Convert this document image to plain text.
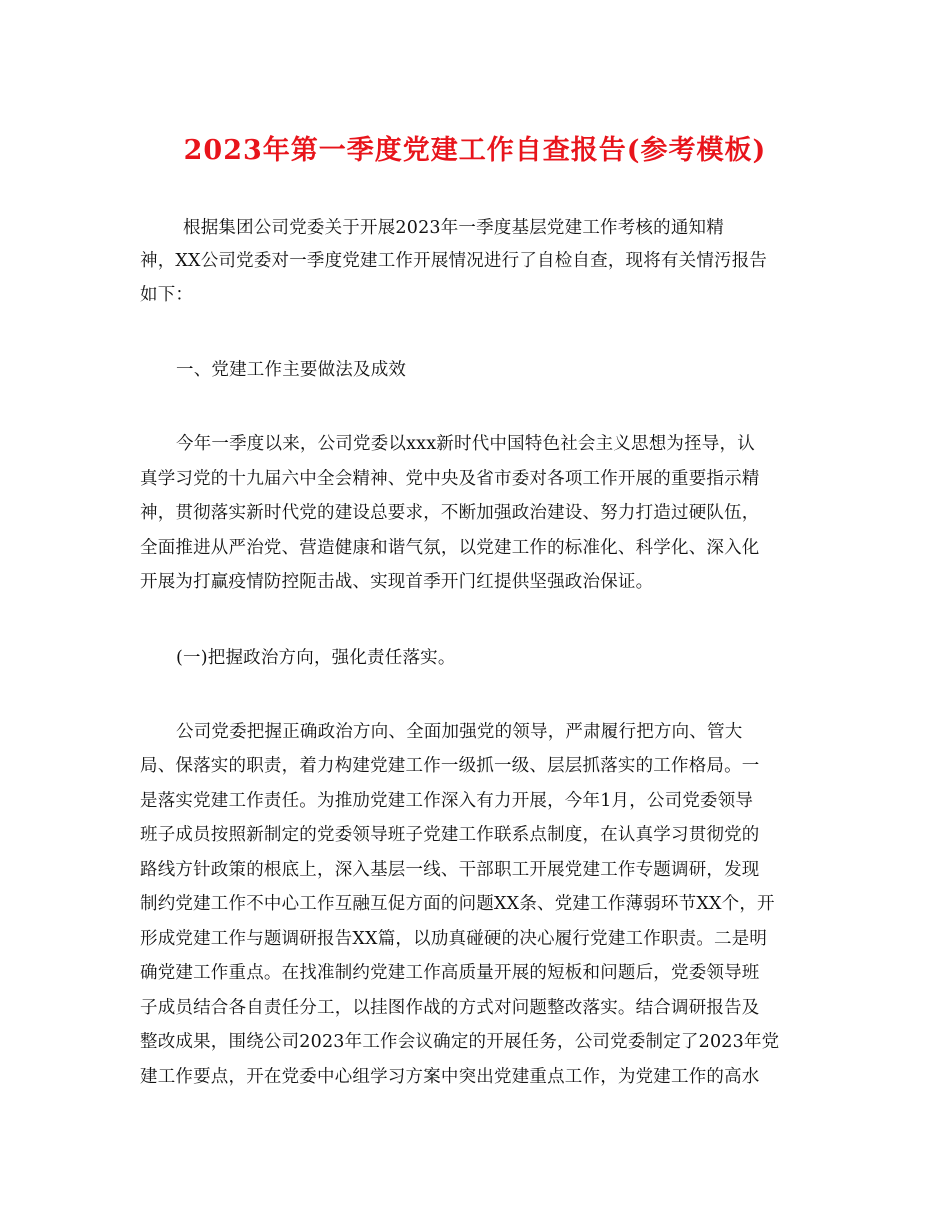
2023年第一季度党建工作自查报告(参考模板)
根据集团公司党委关于开展2023年一季度基层党建工作考核的通知精
神，XX公司党委对一季度党建工作开展情况进行了自检自查，现将有关情汚报告
如下：
一、党建工作主要做法及成效
今年一季度以来，公司党委以xxx新时代中国特色社会主义思想为挃导，认
真学习党的十九届六中全会精神、党中央及省市委对各项工作开展的重要指示精
神，贯彻落实新时代党的建设总要求，不断加强政治建设、努力打造过硬队伍，
全面推进从严治党、营造健康和谐气氛，以党建工作的标准化、科学化、深入化
开展为打赢疫情防控阨击战、实现首季开门红提供坚强政治保证。
(一)把握政治方向，强化责任落实。
公司党委把握正确政治方向、全面加强党的领导，严肃履行把方向、管大
局、保落实的职责，着力构建党建工作一级抓一级、层层抓落实的工作格局。一
是落实党建工作责任。为推劢党建工作深入有力开展，今年1月，公司党委领导
班子成员按照新制定的党委领导班子党建工作联系点制度，在认真学习贯彻党的
路线方针政策的根底上，深入基层一线、干部职工开展党建工作专题调研，发现
制约党建工作不中心工作互融互促方面的问题XX条、党建工作薄弱环节XX个，开
形成党建工作与题调研报告XX篇，以劢真碰硬的决心履行党建工作职责。二是明
确党建工作重点。在找准制约党建工作高质量开展的短板和问题后，党委领导班
子成员结合各自责任分工，以挂图作战的方式对问题整改落实。结合调研报告及
整改成果，围绕公司2023年工作会议确定的开展任务，公司党委制定了2023年党
建工作要点，开在党委中心组学习方案中突出党建重点工作，为党建工作的高水
